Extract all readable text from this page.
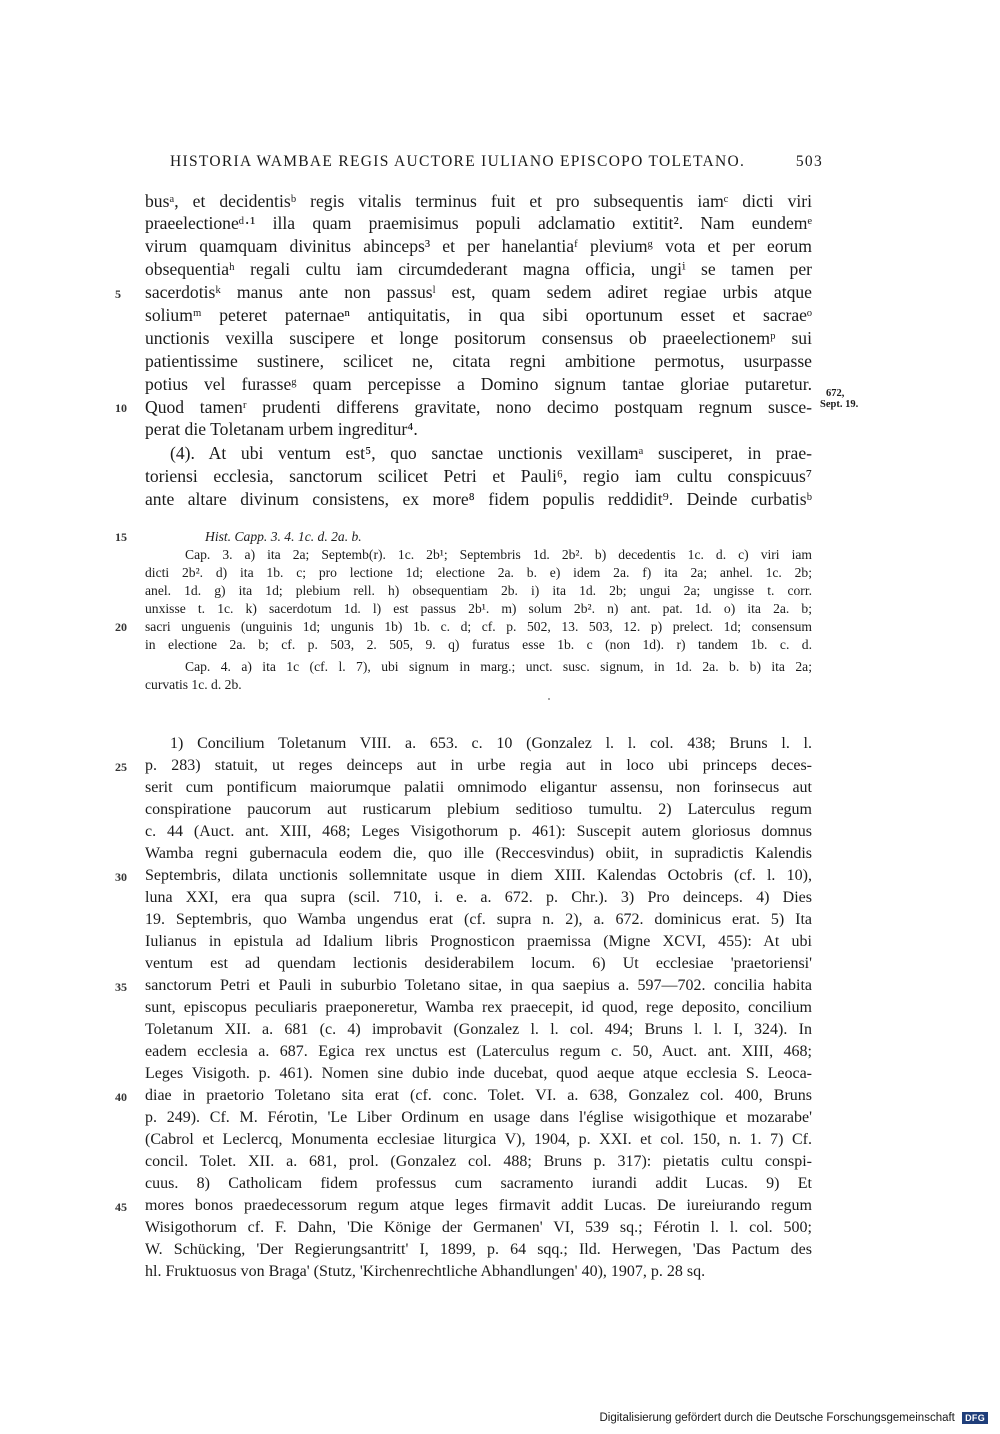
HISTORIA WAMBAE REGIS AUCTORE IULIANO EPISCOPO TOLETANO.	503
busᵃ, et decidentisᵇ regis vitalis terminus fuit et pro subsequentis iamᶜ dicti viri
praeelectioneᵈ·¹ illa quam praemisimus populi adclamatio extitit². Nam eundemᵉ
virum quamquam divinitus abinceps³ et per hanelantiaᶠ pleviumᵍ vota et per eorum
obsequentiaʰ regali cultu iam circumdederant magna officia, ungiⁱ se tamen per
sacerdotisᵏ manus ante non passusˡ est, quam sedem adiret regiae urbis atque
soliumᵐ peteret paternaeⁿ antiquitatis, in qua sibi oportunum esset et sacraeᵒ
unctionis vexilla suscipere et longe positorum consensus ob praeelectionemᵖ sui
patientissime sustinere, scilicet ne, citata regni ambitione permotus, usurpasse
potius vel furasseᵍ quam percepisse a Domino signum tantae gloriae putaretur.
Quod tamenʳ prudenti differens gravitate, nono decimo postquam regnum susce-
perat die Toletanam urbem ingreditur⁴.
(4). At ubi ventum est⁵, quo sanctae unctionis vexillamᵃ susciperet, in prae-
toriensi ecclesia, sanctorum scilicet Petri et Pauli⁶, regio iam cultu conspicuus⁷
ante altare divinum consistens, ex more⁸ fidem populis reddidit⁹. Deinde curbatisᵇ
672,
Sept. 19.
Hist. Capp. 3. 4. 1c. d. 2a. b.
Cap. 3. a) ita 2a; Septemb(r). 1c. 2b¹; Septembris 1d. 2b². b) decedentis 1c. d. c) viri iam
dicti 2b². d) ita 1b. c; pro lectione 1d; electione 2a. b. e) idem 2a. f) ita 2a; anhel. 1c. 2b;
anel. 1d. g) ita 1d; plebium rell. h) obsequentiam 2b. i) ita 1d. 2b; ungui 2a; ungisse t. corr.
unxisse t. 1c. k) sacerdotum 1d. l) est passus 2b¹. m) solum 2b². n) ant. pat. 1d. o) ita 2a. b;
sacri unguenis (unguinis 1d; ungunis 1b) 1b. c. d; cf. p. 502, 13. 503, 12. p) prelect. 1d; consensum
in electione 2a. b; cf. p. 503, 2. 505, 9. q) furatus esse 1b. c (non 1d). r) tandem 1b. c. d.
Cap. 4. a) ita 1c (cf. l. 7), ubi signum in marg.; unct. susc. signum, in 1d. 2a. b. b) ita 2a;
curvatis 1c. d. 2b.
1) Concilium Toletanum VIII. a. 653. c. 10 (Gonzalez l. l. col. 438; Bruns l. l.
p. 283) statuit, ut reges deinceps aut in urbe regia aut in loco ubi princeps deces-
serit cum pontificum maiorumque palatii omnimodo eligantur assensu, non forinsecus aut
conspiratione paucorum aut rusticarum plebium seditioso tumultu. 2) Laterculus regum
c. 44 (Auct. ant. XIII, 468; Leges Visigothorum p. 461): Suscepit autem gloriosus domnus
Wamba regni gubernacula eodem die, quo ille (Reccesvindus) obiit, in supradictis Kalendis
Septembris, dilata unctionis sollemnitate usque in diem XIII. Kalendas Octobris (cf. l. 10),
luna XXI, era qua supra (scil. 710, i. e. a. 672. p. Chr.). 3) Pro deinceps. 4) Dies
19. Septembris, quo Wamba ungendus erat (cf. supra n. 2), a. 672. dominicus erat. 5) Ita
Iulianus in epistula ad Idalium libris Prognosticon praemissa (Migne XCVI, 455): At ubi
ventum est ad quendam lectionis desiderabilem locum. 6) Ut ecclesiae 'praetoriensi'
sanctorum Petri et Pauli in suburbio Toletano sitae, in qua saepius a. 597—702. concilia habita
sunt, episcopus peculiaris praeponeretur, Wamba rex praecepit, id quod, rege deposito, concilium
Toletanum XII. a. 681 (c. 4) improbavit (Gonzalez l. l. col. 494; Bruns l. l. I, 324). In
eadem ecclesia a. 687. Egica rex unctus est (Laterculus regum c. 50, Auct. ant. XIII, 468;
Leges Visigoth. p. 461). Nomen sine dubio inde ducebat, quod aeque atque ecclesia S. Leoca-
diae in praetorio Toletano sita erat (cf. conc. Tolet. VI. a. 638, Gonzalez col. 400, Bruns
p. 249). Cf. M. Férotin, 'Le Liber Ordinum en usage dans l'église wisigothique et mozarabe'
(Cabrol et Leclercq, Monumenta ecclesiae liturgica V), 1904, p. XXI. et col. 150, n. 1. 7) Cf.
concil. Tolet. XII. a. 681, prol. (Gonzalez col. 488; Bruns p. 317): pietatis cultu conspi-
cuus. 8) Catholicam fidem professus cum sacramento iurandi addit Lucas. 9) Et
mores bonos praedecessorum regum atque leges firmavit addit Lucas. De iureiurando regum
Wisigothorum cf. F. Dahn, 'Die Könige der Germanen' VI, 539 sq.; Férotin l. l. col. 500;
W. Schücking, 'Der Regierungsantritt' I, 1899, p. 64 sqq.; Ild. Herwegen, 'Das Pactum des
hl. Fruktuosus von Braga' (Stutz, 'Kirchenrechtliche Abhandlungen' 40), 1907, p. 28 sq.
5
10
15
20
25
30
35
40
45
Digitalisierung gefördert durch die Deutsche Forschungsgemeinschaft DFG
